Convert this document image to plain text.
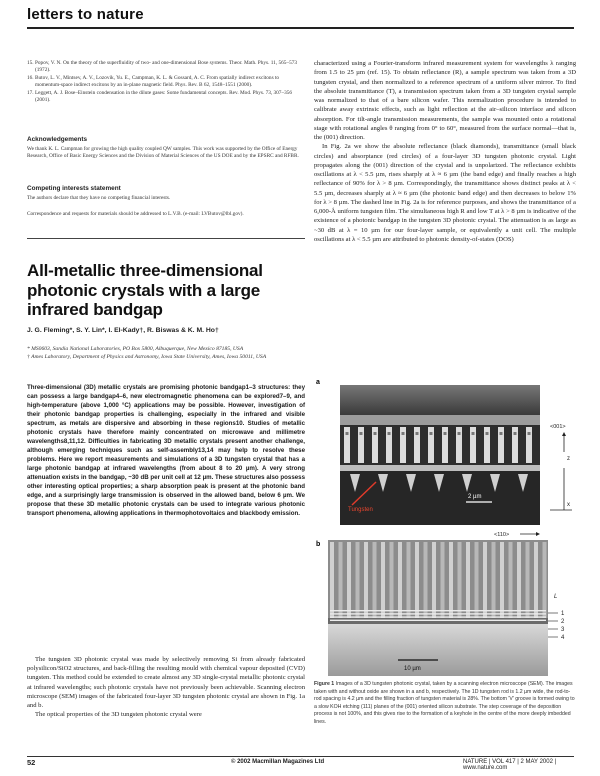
letters to nature

15. Popov, V. N. On the theory of the superfluidity of two- and one-dimensional Bose systems. Theor. Math. Phys. 11, 565–573 (1972).

16. Butov, L. V., Mintsev, A. V., Lozovik, Yu. E., Campman, K. L. & Gossard, A. C. From spatially indirect excitons to momentum-space indirect excitons by an in-plane magnetic field. Phys. Rev. B 62, 1548–1551 (2000).

17. Leggett, A. J. Bose–Einstein condensation in the dilute gases: Some fundamental concepts. Rev. Mod. Phys. 73, 307–356 (2001).

Acknowledgements
We thank K. L. Campman for growing the high quality coupled QW samples. This work was supported by the Office of Energy Research, Office of Basic Energy Sciences and the Division of Material Sciences of the US DOE and by the EPSRC and RFBR.
Competing interests statement
The authors declare that they have no competing financial interests.
Correspondence and requests for materials should be addressed to L.V.B. (e-mail: LVButov@lbl.gov).
All-metallic three-dimensional photonic crystals with a large infrared bandgap
J. G. Fleming*, S. Y. Lin*, I. El-Kady†, R. Biswas & K. M. Ho†

* MS0603, Sandia National Laboratories, PO Box 5800, Albuquerque, New Mexico 87185, USA

† Ames Laboratory, Department of Physics and Astronomy, Iowa State University, Ames, Iowa 50011, USA

Three-dimensional (3D) metallic crystals are promising photonic bandgap1–3 structures: they can possess a large bandgap4–6, new electromagnetic phenomena can be explored7–9, and high-temperature (above 1,000 °C) applications may be possible. However, investigation of their photonic bandgap properties is challenging, especially in the infrared and visible spectrum, as metals are dispersive and absorbing in these regions10. Studies of metallic photonic crystals have therefore mainly concentrated on microwave and millimetre wavelengths8,11,12. Difficulties in fabricating 3D metallic crystals present another challenge, although emerging techniques such as self-assembly13,14 may help to resolve these problems. Here we report measurements and simulations of a 3D tungsten crystal that has a large photonic bandgap at infrared wavelengths (from about 8 to 20 µm). A very strong attenuation exists in the bandgap, ~30 dB per unit cell at 12 µm. These structures also possess other interesting optical properties; a sharp absorption peak is present at the photonic band edge, and a surprisingly large transmission is observed in the allowed band, below 6 µm. We propose that these 3D metallic photonic crystals can be used to integrate various photonic transport phenomena, allowing applications in thermophotovoltaics and blackbody emission.

The tungsten 3D photonic crystal was made by selectively removing Si from already fabricated polysilicon/SiO2 structures, and back-filling the resulting mould with chemical vapour deposited (CVD) tungsten. This method could be extended to create almost any 3D single-crystal metallic photonic crystal at infrared wavelengths; such photonic crystals have not previously been achievable. Scanning electron microscope (SEM) images of the fabricated four-layer 3D tungsten photonic crystal are shown in Fig. 1a and b.

The optical properties of the 3D tungsten photonic crystal were

characterized using a Fourier-transform infrared measurement system for wavelengths λ ranging from 1.5 to 25 µm (ref. 15). To obtain reflectance (R), a sample spectrum was taken from a 3D tungsten crystal, and then normalized to a reference spectrum of a uniform silver mirror. To find the absolute transmittance (T), a transmission spectrum taken from a 3D tungsten crystal sample was normalized to that of a bare silicon wafer. This normalization procedure is intended to calibrate away extrinsic effects, such as light reflection at the air–silicon interface and silicon absorption. For tilt-angle transmission measurements, the sample was mounted onto a rotational stage with rotational angles θ ranging from 0° to 60°, measured from the surface normal—that is, the (001) direction.

In Fig. 2a we show the absolute reflectance (black diamonds), transmittance (small black circles) and absorptance (red circles) of a four-layer 3D tungsten photonic crystal. Light propagates along the (001) direction of the crystal and is unpolarized. The reflectance exhibits oscillations at λ < 5.5 µm, rises sharply at λ ≈ 6 µm (the band edge) and finally reaches a high reflectance of 90% for λ > 8 µm. Correspondingly, the transmittance shows distinct peaks at λ < 5.5 µm, decreases sharply at λ ≈ 6 µm (the photonic band edge) and then decreases to below 1% for λ > 8 µm. The dashed line in Fig. 2a is for reference purposes, and shows the transmittance of a 6,000-Å uniform tungsten film. The simultaneous high R and low T at λ > 8 µm is indicative of the existence of a photonic bandgap in the tungsten 3D photonic crystal. The attenuation is as large as ~30 dB at λ = 10 µm for our four-layer sample, or equivalently a unit cell. The multiple oscillations at λ < 5.5 µm are attributed to photonic density-of-states (DOS)

a
Tungsten
2 µm
<001>
z
x
<110>
b
10 µm
L
1
2
3
4
Figure 1 Images of a 3D tungsten photonic crystal, taken by a scanning electron microscope (SEM). The images taken with and without oxide are shown in a and b, respectively. The 1D tungsten rod is 1.2 µm wide, the rod-to-rod spacing is 4.2 µm and the filling fraction of tungsten material is 28%. The bottom 'V' groove is formed owing to a slow KOH etching (111) planes of the (001) oriented silicon substrate. The step coverage of the deposition process is not 100%, and this gives rise to the formation of a keyhole in the centre of the more deeply imbedded lines.
52	© 2002 Macmillan Magazines Ltd	NATURE | VOL 417 | 2 MAY 2002 | www.nature.com
